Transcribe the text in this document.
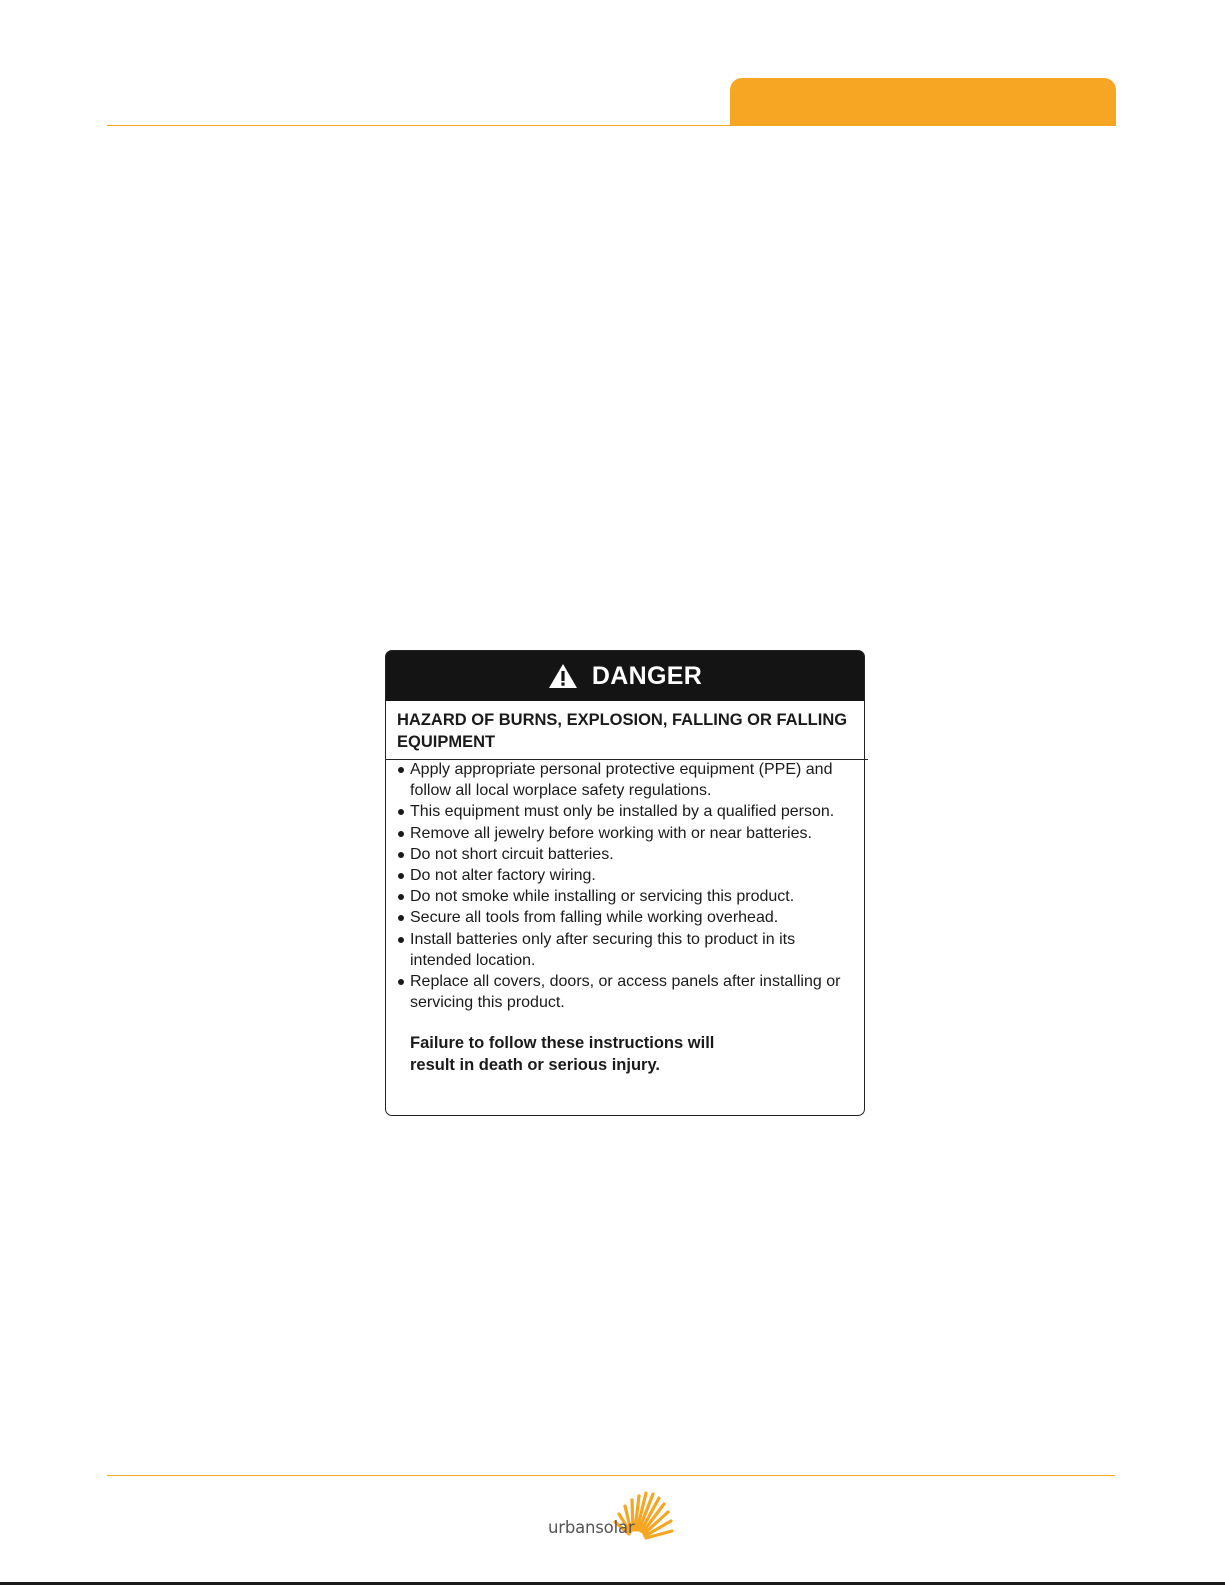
DANGER
HAZARD OF BURNS, EXPLOSION, FALLING OR FALLING EQUIPMENT
Apply appropriate personal protective equipment (PPE) and follow all local worplace safety regulations.
This equipment must only be installed by a qualified person.
Remove all jewelry before working with or near batteries.
Do not short circuit batteries.
Do not alter factory wiring.
Do not smoke while installing or servicing this product.
Secure all tools from falling while working overhead.
Install batteries only after securing this to product in its intended location.
Replace all covers, doors, or access panels after installing or servicing this product.
Failure to follow these instructions will result in death or serious injury.
urbansolar
